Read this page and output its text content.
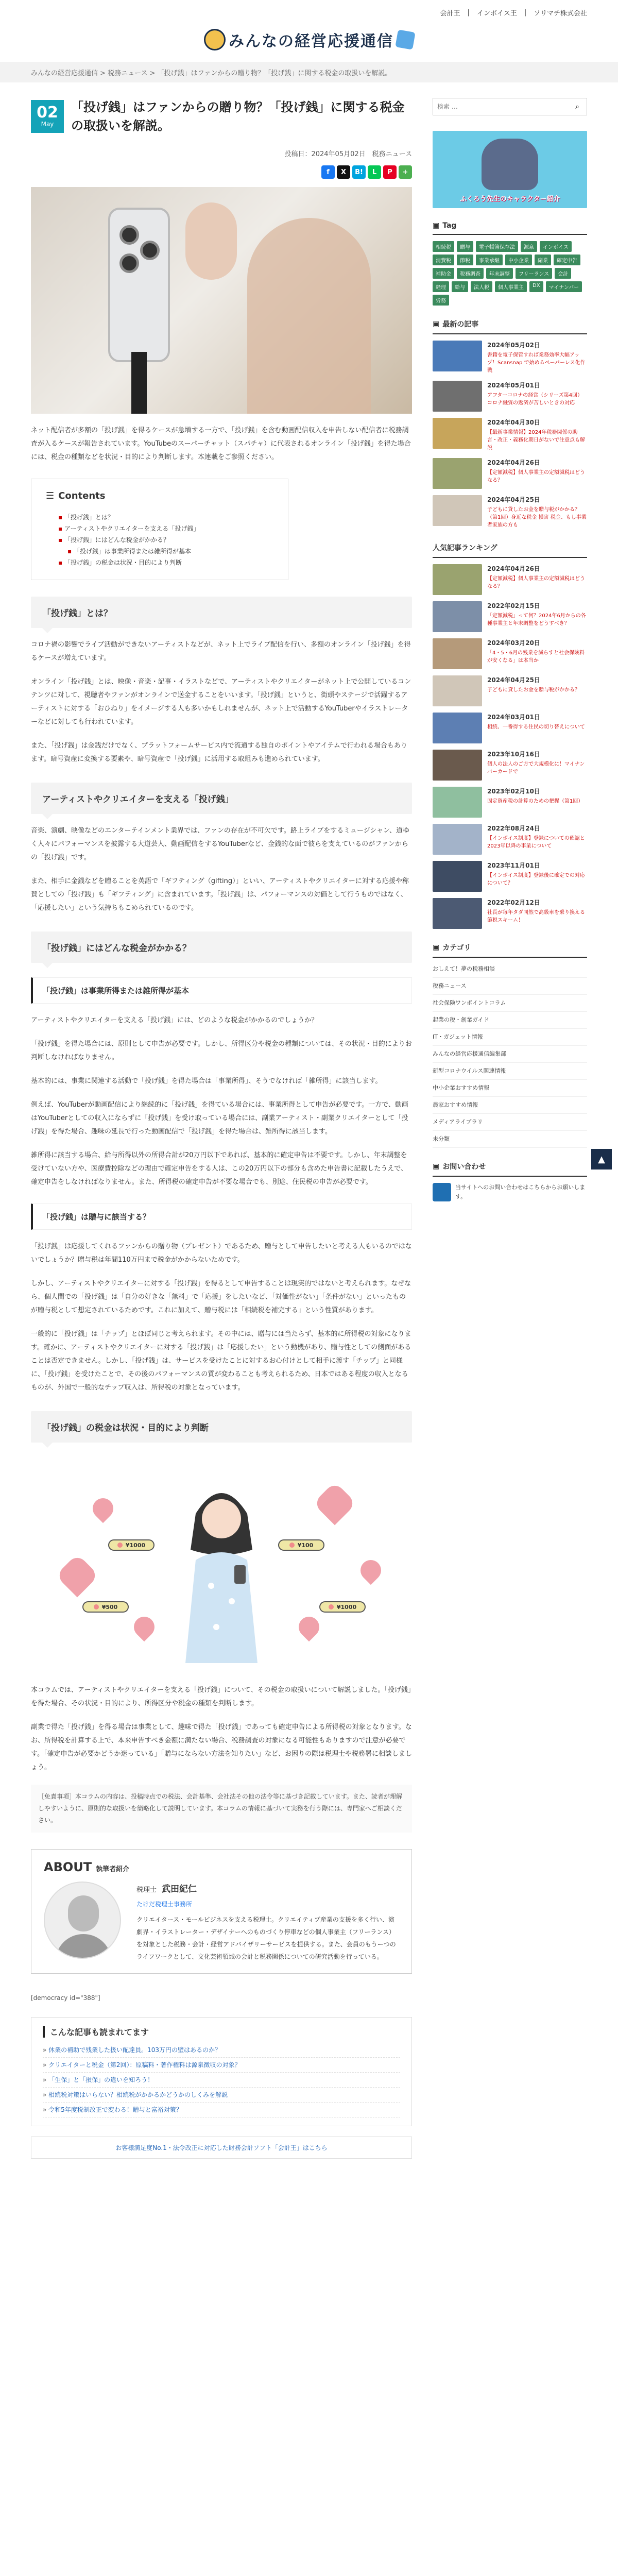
会計王 | インボイス王 | ソリマチ株式会社
みんなの経営応援通信
みんなの経営応援通信 > 税務ニュース > 「投げ銭」はファンからの贈り物？「投げ銭」に関する税金の取扱いを解説。
02
May
「投げ銭」はファンからの贈り物？「投げ銭」に関する税金の取扱いを解説。
投稿日：2024年05月02日　税務ニュース
f	X	B!	L	P	+

ネット配信者が多額の「投げ銭」を得るケースが急増する一方で、「投げ銭」を含む動画配信収入を申告しない配信者に税務調査が入るケースが報告されています。YouTubeのスーパーチャット（スパチャ）に代表されるオンライン「投げ銭」を得た場合には、税金の種類などを状況・目的により判断します。本連載をご参照ください。

☰ Contents
▪ 「投げ銭」とは？
▪ アーティストやクリエイターを支える「投げ銭」
▪ 「投げ銭」にはどんな税金がかかる？
▪ 「投げ銭」は事業所得または雑所得が基本
▪ 「投げ銭」の税金は状況・目的により判断
「投げ銭」とは？

コロナ禍の影響でライブ活動ができないアーティストなどが、ネット上でライブ配信を行い、多額のオンライン「投げ銭」を得るケースが増えています。

オンライン「投げ銭」とは、映像・音楽・記事・イラストなどで、アーティストやクリエイターがネット上で公開しているコンテンツに対して、視聴者やファンがオンラインで送金することをいいます。「投げ銭」というと、街頭やステージで活躍するアーティストに対する「おひねり」をイメージする人も多いかもしれませんが、ネット上で活動するYouTuberやイラストレーターなどに対しても行われています。

また、「投げ銭」は金銭だけでなく、プラットフォームサービス内で流通する独自のポイントやアイテムで行われる場合もあります。暗号資産に変換する要素や、暗号資産で「投げ銭」に活用する取組みも進められています。

アーティストやクリエイターを支える「投げ銭」

音楽、演劇、映像などのエンターテインメント業界では、ファンの存在が不可欠です。路上ライブをするミュージシャン、道ゆく人々にパフォーマンスを披露する大道芸人、動画配信をするYouTuberなど、金銭的な面で彼らを支えているのがファンからの「投げ銭」です。

また、相手に金銭などを贈ることを英語で「ギフティング（gifting）」といい、アーティストやクリエイターに対する応援や称賛としての「投げ銭」も「ギフティング」に含まれています。「投げ銭」は、パフォーマンスの対価として行うものではなく、「応援したい」という気持ちもこめられているのです。

「投げ銭」にはどんな税金がかかる？
「投げ銭」は事業所得または雑所得が基本

アーティストやクリエイターを支える「投げ銭」には、どのような税金がかかるのでしょうか？

「投げ銭」を得た場合には、原則として申告が必要です。しかし、所得区分や税金の種類については、その状況・目的によりお判断しなければなりません。

基本的には、事業に関連する活動で「投げ銭」を得た場合は「事業所得」、そうでなければ「雑所得」に該当します。

例えば、YouTuberが動画配信により継続的に「投げ銭」を得ている場合には、事業所得として申告が必要です。一方で、動画はYouTuberとしての収入にならずに「投げ銭」を受け取っている場合には、副業アーティスト・副業クリエイターとして「投げ銭」を得た場合、趣味の延長で行った動画配信で「投げ銭」を得た場合は、雑所得に該当します。

雑所得に該当する場合、給与所得以外の所得合計が20万円以下であれば、基本的に確定申告は不要です。しかし、年末調整を受けていない方や、医療費控除などの理由で確定申告をする人は、この20万円以下の部分も含めた申告書に記載したうえで、確定申告をしなければなりません。また、所得税の確定申告が不要な場合でも、別途、住民税の申告が必要です。

「投げ銭」は贈与に該当する？

「投げ銭」は応援してくれるファンからの贈り物（プレゼント）であるため、贈与として申告したいと考える人もいるのではないでしょうか？贈与税は年間110万円まで税金がかからないためです。

しかし、アーティストやクリエイターに対する「投げ銭」を得るとして申告することは現実的ではないと考えられます。なぜなら、個人間での「投げ銭」は「自分の好きな「無料」で「応援」をしたいなど、「対価性がない」「条件がない」といったものが贈与税として想定されているためです。これに加えて、贈与税には「相続税を補完する」という性質があります。

一般的に「投げ銭」は「チップ」とほぼ同じと考えられます。その中には、贈与には当たらず、基本的に所得税の対象になります。確かに、アーティストやクリエイターに対する「投げ銭」は「応援したい」という動機があり、贈与性としての側面があることは否定できません。しかし、「投げ銭」は、サービスを受けたことに対するお心付けとして相手に渡す「チップ」と同様に、「投げ銭」を受けたことで、その後のパフォーマンスの質が変わることも考えられるため、日本ではある程度の収入となるものが、外国で一般的なチップ収入は、所得税の対象となっています。

「投げ銭」の税金は状況・目的により判断
¥1000
¥500
¥100
¥1000

本コラムでは、アーティストやクリエイターを支える「投げ銭」について、その税金の取扱いについて解説しました。「投げ銭」を得た場合、その状況・目的により、所得区分や税金の種類を判断します。

副業で得た「投げ銭」を得る場合は事業として、趣味で得た「投げ銭」であっても確定申告による所得税の対象となります。なお、所得税を計算する上で、本来申告すべき金額に満たない場合、税務調査の対象になる可能性もありますので注意が必要です。「確定申告が必要かどうか迷っている」「贈与にならない方法を知りたい」など、お困りの際は税理士や税務署に相談しましょう。

［免責事項］本コラムの内容は、投稿時点での税法、会計基準、会社法その他の法令等に基づき記載しています。また、読者が理解しやすいように、原則的な取扱いを簡略化して説明しています。本コラムの情報に基づいて実務を行う際には、専門家へご相談ください。
ABOUT 執筆者紹介
税理士 武田紀仁
たけだ税理士事務所
クリエイタース・モールビジネスを支える税理士。クリエイティブ産業の支援を多く行い、演劇界・イラストレーター・デザイナーへのものづくり停車などの個人事業主（フリーランス）を対象とした税務・会計・経営アドバイザリーサービスを提供する。また、会員のもうーつのライフワークとして、文化芸術領域の会計と税務関係についての研究活動を行っている。
[democracy id="388"]
こんな記事も読まれてます
» 休業の補助で残業した扱い配達員。103万円の壁はあるのか？
» クリエイターと税金（第2回）：原稿料・著作権料は源泉徴収の対象？
» 「生保」と「損保」の違いを知ろう！
» 相続税対策はいらない？相続税がかかるかどうかのしくみを解説
» 令和5年度税制改正で変わる！贈与と富裕対策？
お客様満足度No.1・法令改正に対応した財務会計ソフト「会計王」はこちら
検索 …
⌕
ふくろう先生のキャラクター紹介
▣ Tag
相続税	贈与	電子帳簿保存法	源泉	インボイス
消費税	節税	事業承継	中小企業	副業	確定申告
補助金	税務調査	年末調整	フリーランス	会計
経理	給与	法人税	個人事業主	DX	マイナンバー
労務
▣ 最新の記事
2024年05月02日
書籍を電子保管すれば業務効率大幅アップ！Scansnap で始めるペーパーレス化作戦
2024年05月01日
アフターコロナの経営（シリーズ第4回）コロナ融資の返済が苦しいときの対応
2024年04月30日
【最新事業情報】2024年税務関係の助言・改正・義務化期日がないで注意点も解説
2024年04月26日
【定額減税】個人事業主の定額減税はどうなる？
2024年04月25日
子どもに貸したお金を贈与税がかかる？（第1回）身近な税金 損害 税金、もし事業者家族の方も
人気記事ランキング
2024年04月26日
【定額減税】個人事業主の定額減税はどうなる？
2022年02月15日
「定額減税」って何？2024年6月からの各種事業主と年末調整をどうすべき？
2024年03月20日
「4・5・6月の残業を減らすと社会保険料が安くなる」は本当か
2024年04月25日
子どもに貸したお金を贈与税がかかる？
2024年03月01日
相続、一番得する住民の切り替えについて
2023年10月16日
個人の法人のご方で大規模化に！マイナンバーカードで
2023年02月10日
固定資産税の計算のための把握（第1回）
2022年08月24日
【インボイス制度】登録についての確認と2023年以降の事業について
2023年11月01日
【インボイス制度】登録後に確定での対応 について？
2022年02月12日
社長が毎年タダ同然で高級車を乗り換える節税スキーム！
▣ カテゴリ
おしえて！夢の税務相談
税務ニュース
社会保険ワンポイントコラム
起業の税・創業ガイド
IT・ガジェット情報
みんなの経営応援通信編集部
新型コロナウイルス関連情報
中小企業おすすめ情報
農家おすすめ情報
メディアライブラリ
未分類
▣ お問い合わせ
当サイトへのお問い合わせはこちらからお願いします。
▲
